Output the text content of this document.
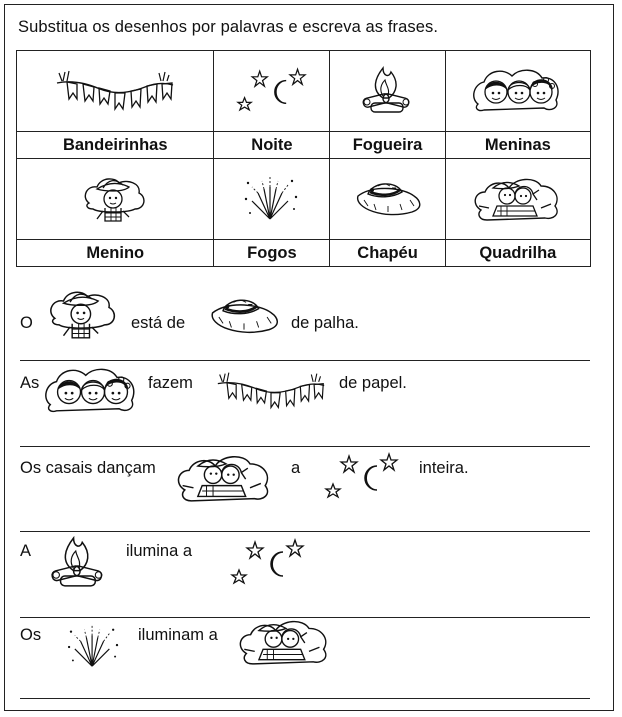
Substitua os desenhos por palavras e escreva as frases.

Bandeirinhas	Noite	Fogueira	Meninas

Menino	Fogos	Chapéu	Quadrilha
O	está de	de palha.
As	fazem	de papel.
Os casais dançam	a	inteira.
A	ilumina a
Os	iluminam a
